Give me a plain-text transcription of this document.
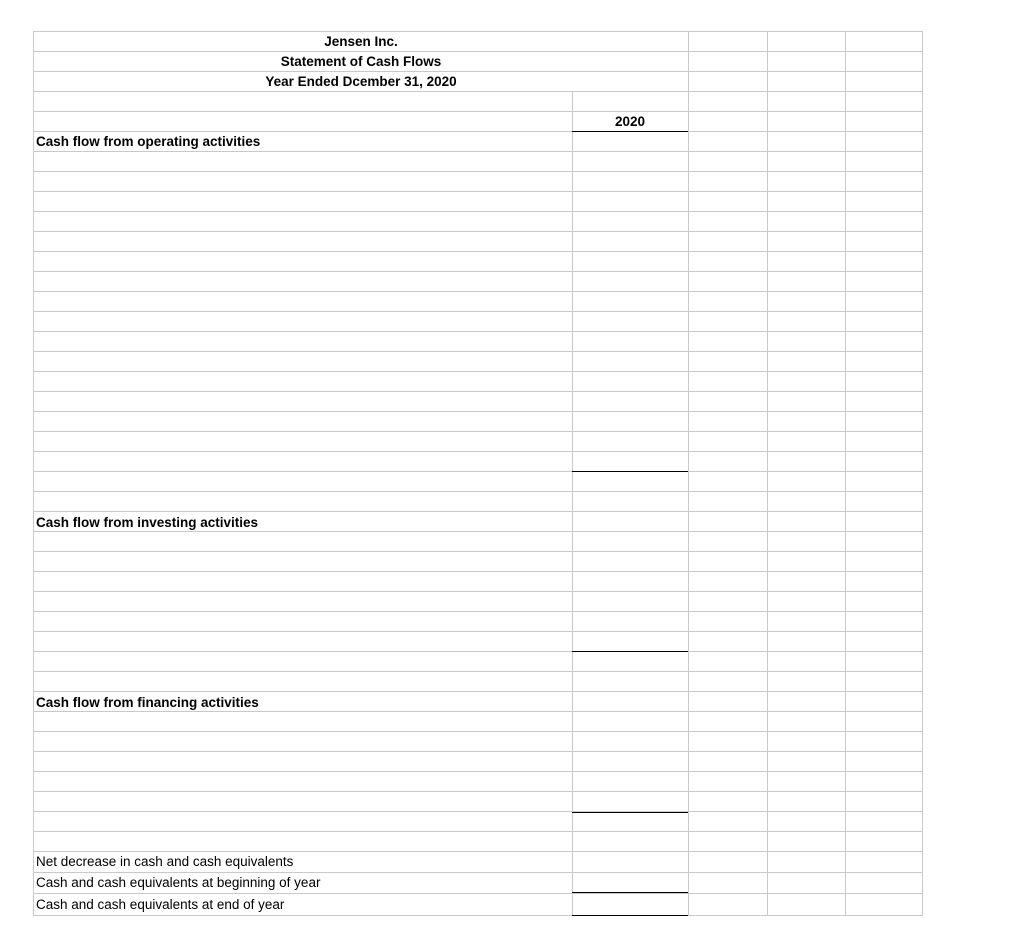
Jensen Inc.
Statement of Cash Flows
Year Ended Dcember 31, 2020
2020
Cash flow from operating activities
Cash flow from investing activities
Cash flow from financing activities
Net decrease in cash and cash equivalents
Cash and cash equivalents at beginning of year
Cash and cash equivalents at end of year
